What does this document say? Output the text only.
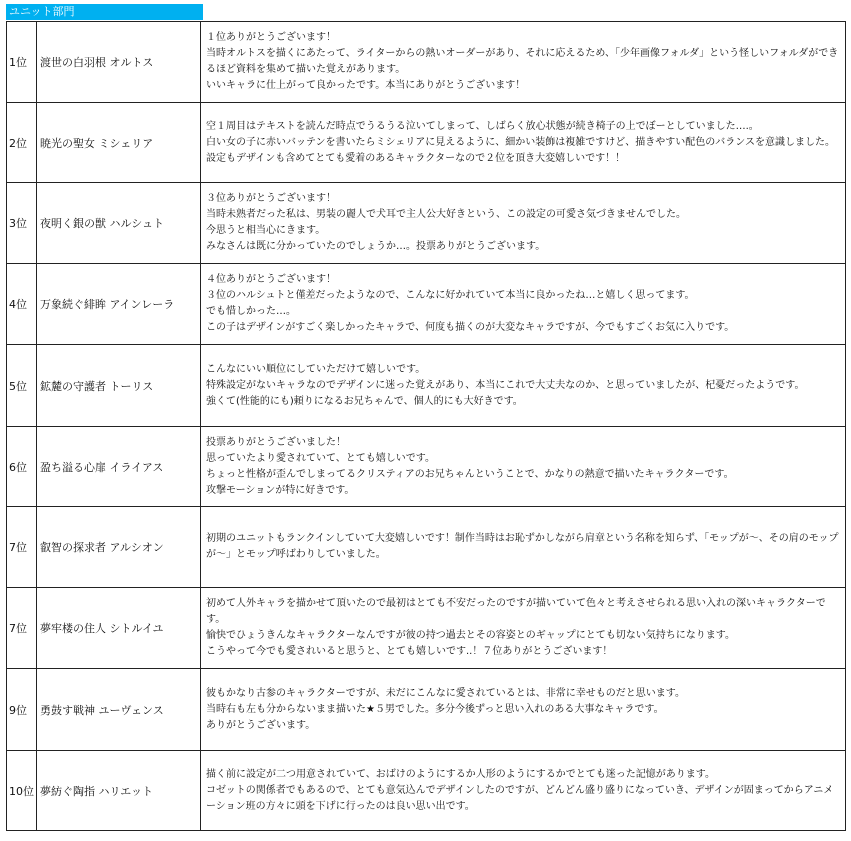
ユニット部門
1位	渡世の白羽根 オルトス	１位ありがとうございます！
当時オルトスを描くにあたって、ライターからの熱いオーダーがあり、それに応えるため、「少年画像フォルダ」という怪しいフォルダができるほど資料を集めて描いた覚えがあります。
いいキャラに仕上がって良かったです。本当にありがとうございます！

2位	暁光の聖女 ミシェリア	空１周目はテキストを読んだ時点でうるうる泣いてしまって、しばらく放心状態が続き椅子の上でぼーとしていました….。
白い女の子に赤いバッテンを書いたらミシェリアに見えるように、細かい装飾は複雑ですけど、描きやすい配色のバランスを意識しました。
設定もデザインも含めてとても愛着のあるキャラクターなので２位を頂き大変嬉しいです！！

3位	夜明く銀の獣 ハルシュト	３位ありがとうございます！
当時未熟者だった私は、男装の麗人で犬耳で主人公大好きという、この設定の可愛さ気づきませんでした。
今思うと相当心にきます。
みなさんは既に分かっていたのでしょうか…。投票ありがとうございます。

4位	万象続ぐ緋眸 アインレーラ	４位ありがとうございます！
３位のハルシュトと僅差だったようなので、こんなに好かれていて本当に良かったね…と嬉しく思ってます。
でも惜しかった…。
この子はデザインがすごく楽しかったキャラで、何度も描くのが大変なキャラですが、今でもすごくお気に入りです。

5位	鉱麓の守護者 トーリス	こんなにいい順位にしていただけて嬉しいです。
特殊設定がないキャラなのでデザインに迷った覚えがあり、本当にこれで大丈夫なのか、と思っていましたが、杞憂だったようです。
強くて(性能的にも)頼りになるお兄ちゃんで、個人的にも大好きです。

6位	盈ち溢る心扉 イライアス	投票ありがとうございました！
思っていたより愛されていて、とても嬉しいです。
ちょっと性格が歪んでしまってるクリスティアのお兄ちゃんということで、かなりの熱意で描いたキャラクターです。
攻撃モーションが特に好きです。

7位	叡智の探求者 アルシオン	初期のユニットもランクインしていて大変嬉しいです！制作当時はお恥ずかしながら肩章という名称を知らず、「モップが〜、その肩のモップが〜」とモップ呼ばわりしていました。

7位	夢牢楼の住人 シトルイユ	初めて人外キャラを描かせて頂いたので最初はとても不安だったのですが描いていて色々と考えさせられる思い入れの深いキャラクターです。
愉快でひょうきんなキャラクターなんですが彼の持つ過去とその容姿とのギャップにとても切ない気持ちになります。
こうやって今でも愛されいると思うと、とても嬉しいです..！７位ありがとうございます！

9位	勇鼓す戦神 ユーヴェンス	彼もかなり古参のキャラクターですが、未だにこんなに愛されているとは、非常に幸せものだと思います。
当時右も左も分からないまま描いた★５男でした。多分今後ずっと思い入れのある大事なキャラです。
ありがとうございます。

10位	夢紡ぐ陶指 ハリエット	描く前に設定が二つ用意されていて、おばけのようにするか人形のようにするかでとても迷った記憶があります。
コゼットの関係者でもあるので、とても意気込んでデザインしたのですが、どんどん盛り盛りになっていき、デザインが固まってからアニメーション班の方々に頭を下げに行ったのは良い思い出です。
